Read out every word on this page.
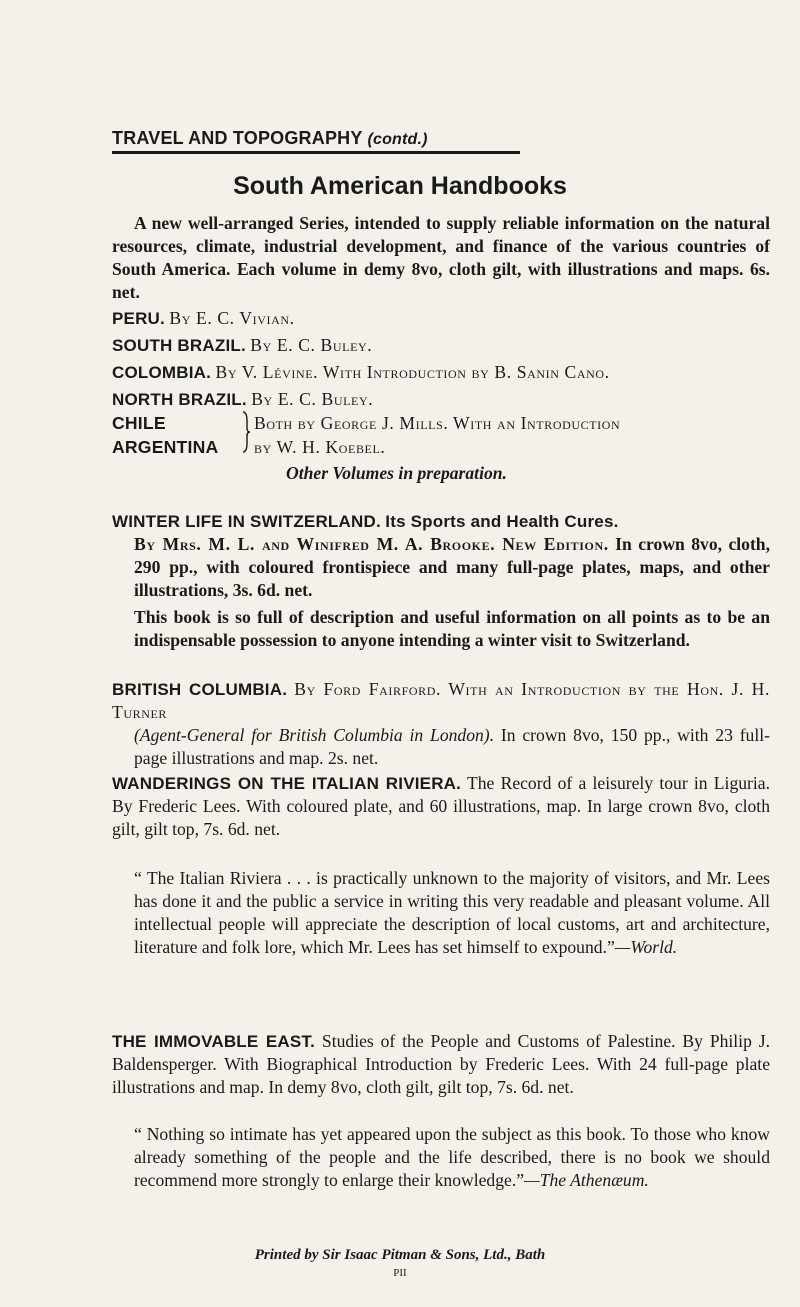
TRAVEL AND TOPOGRAPHY (contd.)
South American Handbooks
A new well-arranged Series, intended to supply reliable information on the natural resources, climate, industrial development, and finance of the various countries of South America. Each volume in demy 8vo, cloth gilt, with illustrations and maps. 6s. net.
PERU. By E. C. Vivian.
SOUTH BRAZIL. By E. C. Buley.
COLOMBIA. By V. Lévine. With Introduction by B. Sanin Cano.
NORTH BRAZIL. By E. C. Buley.
CHILE
ARGENTINA
Both by George J. Mills. With an Introduction
by W. H. Koebel.
Other Volumes in preparation.
WINTER LIFE IN SWITZERLAND. Its Sports and Health Cures.
By Mrs. M. L. and Winifred M. A. Brooke. New Edition. In crown 8vo, cloth, 290 pp., with coloured frontispiece and many full-page plates, maps, and other illustrations, 3s. 6d. net.
This book is so full of description and useful information on all points as to be an indispensable possession to anyone intending a winter visit to Switzerland.
BRITISH COLUMBIA. By Ford Fairford. With an Introduction by the Hon. J. H. Turner
(Agent-General for British Columbia in London). In crown 8vo, 150 pp., with 23 full-page illustrations and map. 2s. net.
WANDERINGS ON THE ITALIAN RIVIERA. The Record of a leisurely tour in Liguria. By Frederic Lees. With coloured plate, and 60 illustrations, map. In large crown 8vo, cloth gilt, gilt top, 7s. 6d. net.
“ The Italian Riviera . . . is practically unknown to the majority of visitors, and Mr. Lees has done it and the public a service in writing this very readable and pleasant volume. All intellectual people will appreciate the description of local customs, art and architecture, literature and folk lore, which Mr. Lees has set himself to expound.”—World.
THE IMMOVABLE EAST. Studies of the People and Customs of Palestine. By Philip J. Baldensperger. With Biographical Introduction by Frederic Lees. With 24 full-page plate illustrations and map. In demy 8vo, cloth gilt, gilt top, 7s. 6d. net.
“ Nothing so intimate has yet appeared upon the subject as this book. To those who know already something of the people and the life described, there is no book we should recommend more strongly to enlarge their knowledge.”—The Athenæum.
Printed by Sir Isaac Pitman & Sons, Ltd., Bath
PII
